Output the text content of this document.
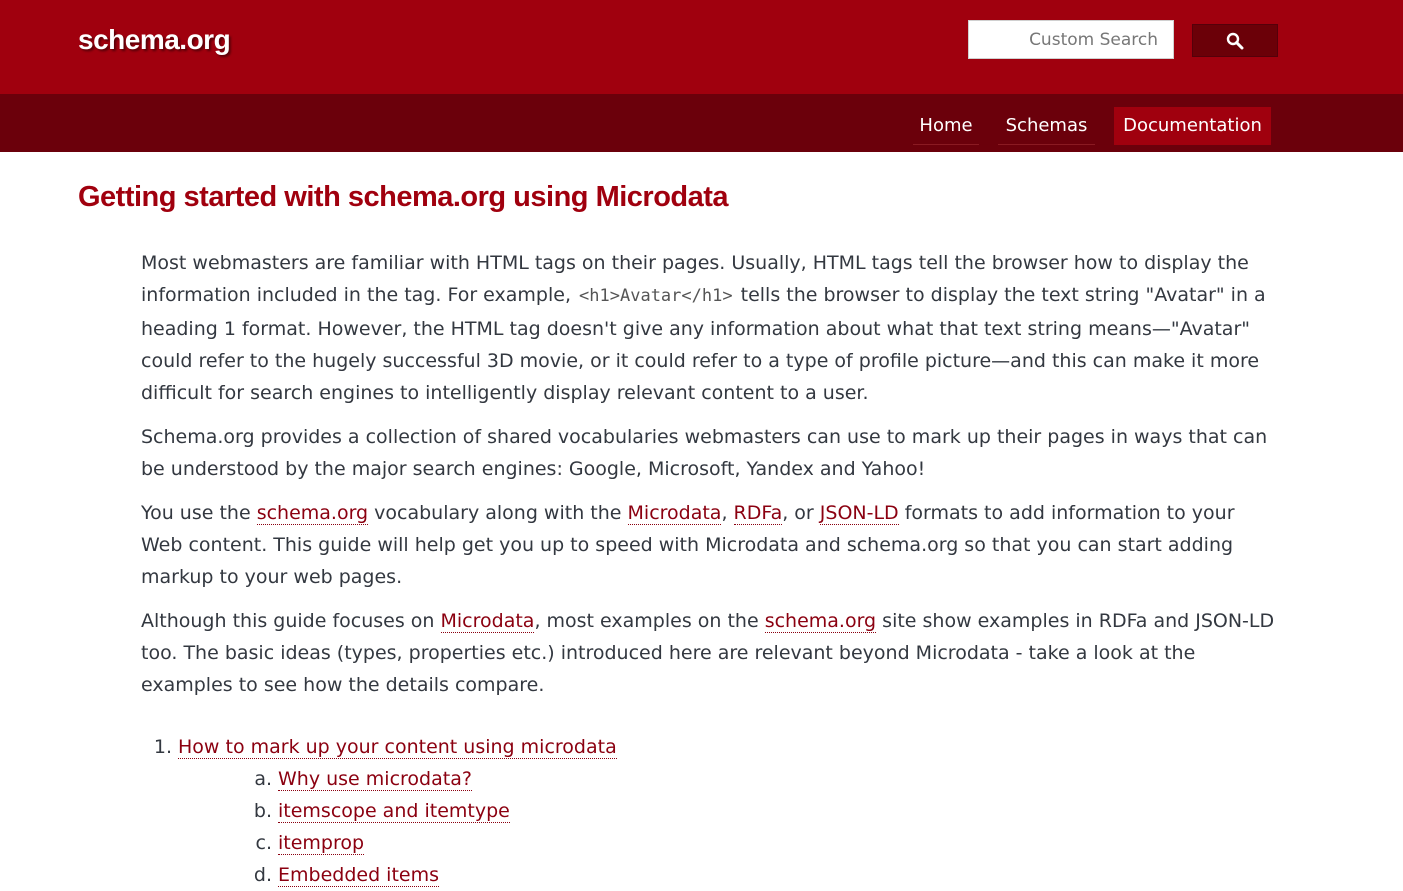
schema.org
Custom Search
Home	Schemas	Documentation
Getting started with schema.org using Microdata

Most webmasters are familiar with HTML tags on their pages. Usually, HTML tags tell the browser how to display the information included in the tag. For example, <h1>Avatar</h1> tells the browser to display the text string "Avatar" in a heading 1 format. However, the HTML tag doesn't give any information about what that text string means—"Avatar" could refer to the hugely successful 3D movie, or it could refer to a type of profile picture—and this can make it more difficult for search engines to intelligently display relevant content to a user.

Schema.org provides a collection of shared vocabularies webmasters can use to mark up their pages in ways that can be understood by the major search engines: Google, Microsoft, Yandex and Yahoo!

You use the schema.org vocabulary along with the Microdata, RDFa, or JSON-LD formats to add information to your Web content. This guide will help get you up to speed with Microdata and schema.org so that you can start adding markup to your web pages.

Although this guide focuses on Microdata, most examples on the schema.org site show examples in RDFa and JSON-LD too. The basic ideas (types, properties etc.) introduced here are relevant beyond Microdata - take a look at the examples to see how the details compare.

1. How to mark up your content using microdata
a. Why use microdata?
b. itemscope and itemtype
c. itemprop
d. Embedded items
